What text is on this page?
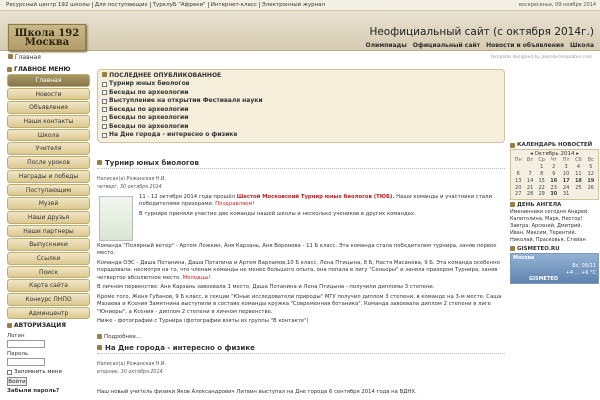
Ресурсный центр 192 школы Для поступающих ТурклуБ "Афреки" Интернет-класс Электронный журнал	воскресенье, 09 ноября 2014
Школа 192
Москва
Неофициальный сайт (с октября 2014г.)
Олимпиады Официальный сайт Новости и объявления Школа
Главная	template designed by Joomla-templates.com
ГЛАВНОЕ МЕНЮ
Главная
Новости
Объявления
Наши контакты
Школа
Учителя
После уроков
Награды и победы
Поступающим
Музей
Наши друзья
Наши партнеры
Выпускники
Ссылки
Поиск
Карта сайта
Конкурс ПНПО
Админцентр
АВТОРИЗАЦИЯ
Логин
Пароль
Запомнить меня
Войти
Забыли пароль?
ПОСЛЕДНЕЕ ОПУБЛИКОВАННОЕ
Турнир юных биологов
Беседы по археологии
Выступление на открытии Фестиваля науки
Беседы по археологии
Беседы по археологии
Беседы по археологии
На Дне города - интересно о физике
Турнир юных биологов
Написал(а) Рожанская Н.И.
четверг, 30 октября 2014
11 - 12 октября 2014 года прошёл Шестой Московский Турнир юных биологов (ТЮБ). Наши команды и участники стали победителями призерами. Поздравляем!
В турнире приняли участие две команды нашей школы и несколько учеников в других командах:
Команда "Полярный ветер" - Артем Ложкин, Аня Карзань, Аня Воронова - 11 Б класс. Эта команда стала победителем турнира, заняв первое место.
Команда ОЭС - Даша Потанина, Даша Потапина и Артем Варламов,10 Б класс, Лена Птицына, 8 Б, Настя Масанова, 9 Б. Эта команда особенно порадовала: несмотря на то, что членам команды не менее большого опыта, она попала в лигу "Сеньоры" и заняла призером Турнира, заняв четвертое абсолютное место. Молодцы!
В личном первенстве: Аня Карзань завоевала 1 место, Даша Потанина и Лена Птицына - получили дипломы 3 степени.
Кроме того, Женя Губанов, 9 Б класс, в секции "Юные исследователи природы" МГУ получил диплом 3 степени, в команде на 3-м месте. Саша Мазаева и Ксения Замятнина выступили в составе команды кружка "Современная ботаника". Команда завоевала диплом 2 степени в лиге "Юниоры", а Ксения - диплом 2 степени в личном первенстве.
Ниже - фотографии с Турнира (фотографии взяты из группы "В контакте")
Подробнее...
На Дне города - интересно о физике
Написал(а) Рожанская Н.И.
вторник, 30 октября 2014
Наш новый учитель физики Яков Александрович Литвин выступал на Дне города 6 сентября 2014 года на ВДНХ.
КАЛЕНДАРЬ НОВОСТЕЙ
◂ Октябрь 2014 ▸
Пн	Вт	Ср	Чт	Пт	Сб	Вс
		1	2	3	4	5
6	7	8	9	10	11	12
13	14	15	16	17	18	19
20	21	22	23	24	25	26
27	28	29	30	31		
ДЕНЬ АНГЕЛА
Именинники сегодня Андрей,
Капитолина, Марк, Нестор!
Завтра: Арсений, Дмитрий,
Иван, Максим, Терентий,
Николай, Прасковья, Стейан
GISMETEO.RU
Москва
Вс, 09/11
+4 ... +6 °C
GISMETEO
